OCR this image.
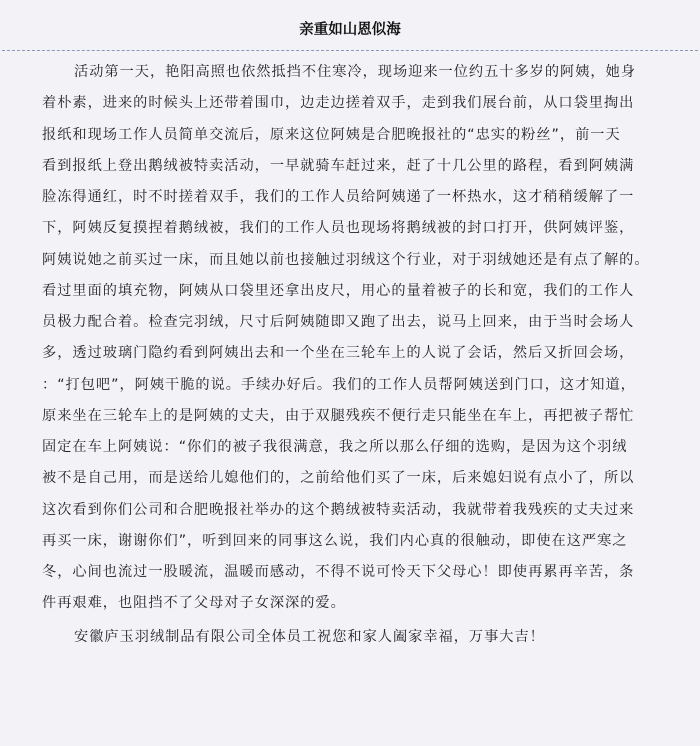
亲重如山恩似海

活动第一天，艳阳高照也依然抵挡不住寒冷，现场迎来一位约五十多岁的阿姨，她身
着朴素，进来的时候头上还带着围巾，边走边搓着双手，走到我们展台前，从口袋里掏出
报纸和现场工作人员简单交流后，原来这位阿姨是合肥晚报社的“忠实的粉丝”，前一天
看到报纸上登出鹅绒被特卖活动，一早就骑车赶过来，赶了十几公里的路程，看到阿姨满
脸冻得通红，时不时搓着双手，我们的工作人员给阿姨递了一杯热水，这才稍稍缓解了一
下，阿姨反复摸捏着鹅绒被，我们的工作人员也现场将鹅绒被的封口打开，供阿姨评鉴，
阿姨说她之前买过一床，而且她以前也接触过羽绒这个行业，对于羽绒她还是有点了解的。
看过里面的填充物，阿姨从口袋里还拿出皮尺，用心的量着被子的长和宽，我们的工作人
员极力配合着。检查完羽绒，尺寸后阿姨随即又跑了出去，说马上回来，由于当时会场人
多，透过玻璃门隐约看到阿姨出去和一个坐在三轮车上的人说了会话，然后又折回会场，
：“打包吧”，阿姨干脆的说。手续办好后。我们的工作人员帮阿姨送到门口，这才知道，
原来坐在三轮车上的是阿姨的丈夫，由于双腿残疾不便行走只能坐在车上，再把被子帮忙
固定在车上阿姨说：“你们的被子我很满意，我之所以那么仔细的选购，是因为这个羽绒
被不是自己用，而是送给儿媳他们的，之前给他们买了一床，后来媳妇说有点小了，所以
这次看到你们公司和合肥晚报社举办的这个鹅绒被特卖活动，我就带着我残疾的丈夫过来
再买一床，谢谢你们”，听到回来的同事这么说，我们内心真的很触动，即使在这严寒之
冬，心间也流过一股暖流，温暖而感动，不得不说可怜天下父母心！即使再累再辛苦，条
件再艰难，也阻挡不了父母对子女深深的爱。

安徽庐玉羽绒制品有限公司全体员工祝您和家人阖家幸福，万事大吉！
